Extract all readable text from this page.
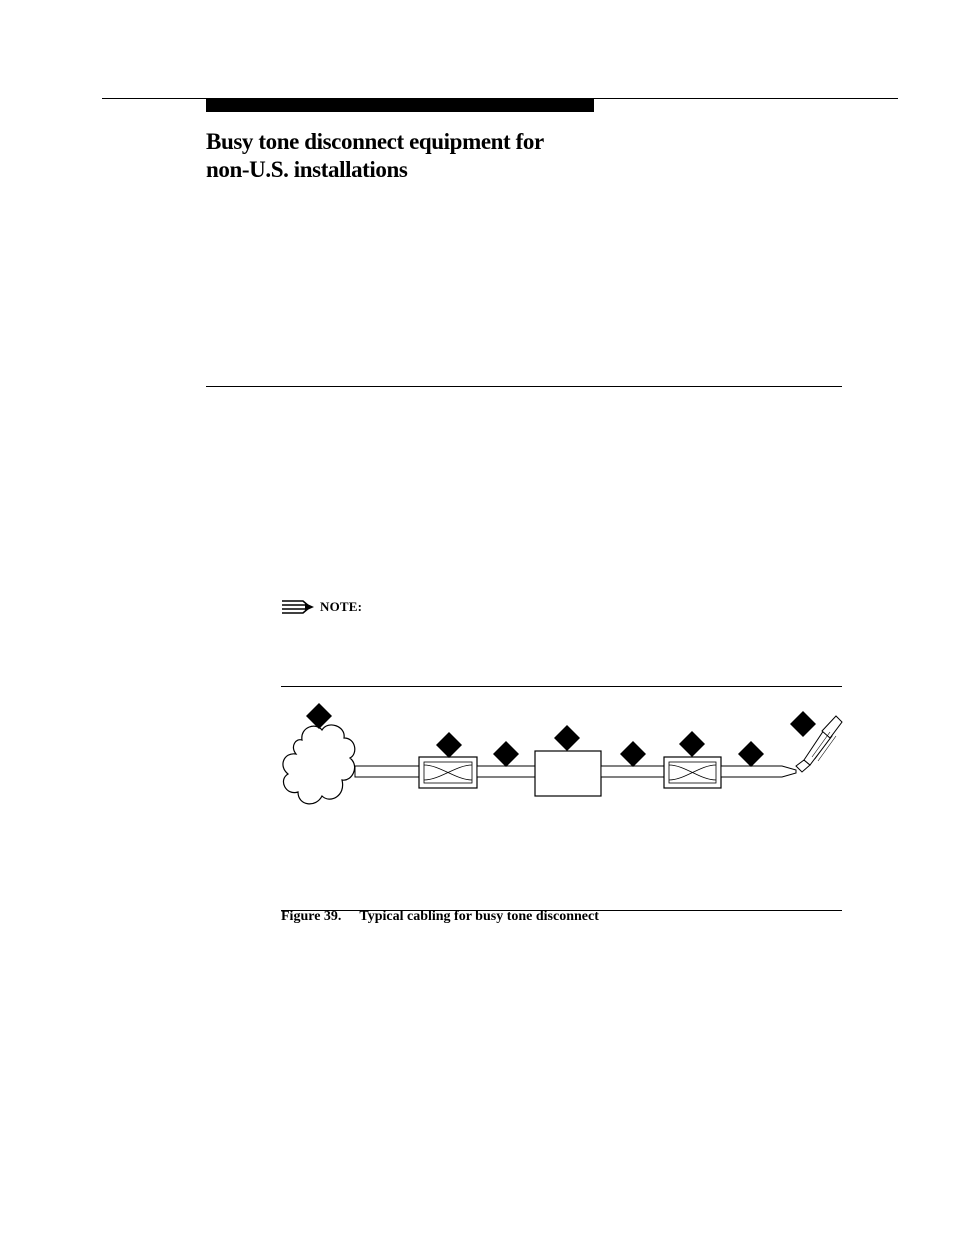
Busy tone disconnect equipment for
non-U.S. installations
NOTE:
Figure 39. Typical cabling for busy tone disconnect
